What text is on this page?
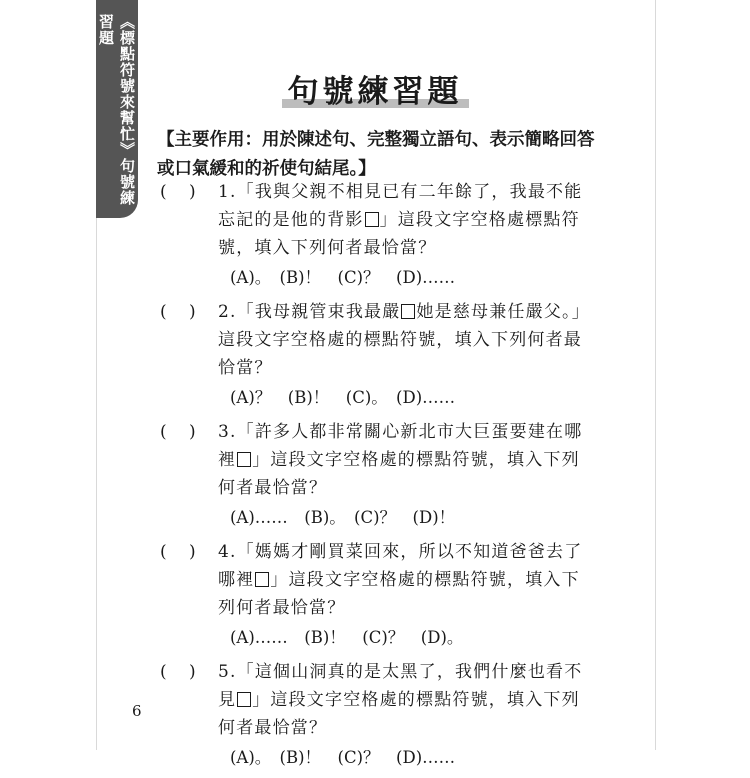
《標點符號來幫忙》句號練習題
句號練習題
【主要作用：用於陳述句、完整獨立語句、表示簡略回答或口氣緩和的祈使句結尾。】
(　 )	1.「我與父親不相見已有二年餘了，我最不能忘記的是他的背影 」這段文字空格處標點符號，填入下列何者最恰當？
(A)。　(B)！　(C)？　(D)……
(　 )	2.「我母親管束我最嚴 她是慈母兼任嚴父。」這段文字空格處的標點符號，填入下列何者最恰當？
(A)？　(B)！　(C)。　(D)……
(　 )	3.「許多人都非常關心新北市大巨蛋要建在哪裡 」這段文字空格處的標點符號，填入下列何者最恰當？
(A)……　(B)。　(C)？　(D)！
(　 )	4.「媽媽才剛買菜回來，所以不知道爸爸去了哪裡 」這段文字空格處的標點符號，填入下列何者最恰當？
(A)……　(B)！　(C)？　(D)。
(　 )	5.「這個山洞真的是太黑了，我們什麼也看不見 」這段文字空格處的標點符號，填入下列何者最恰當？
(A)。　(B)！　(C)？　(D)……
6
